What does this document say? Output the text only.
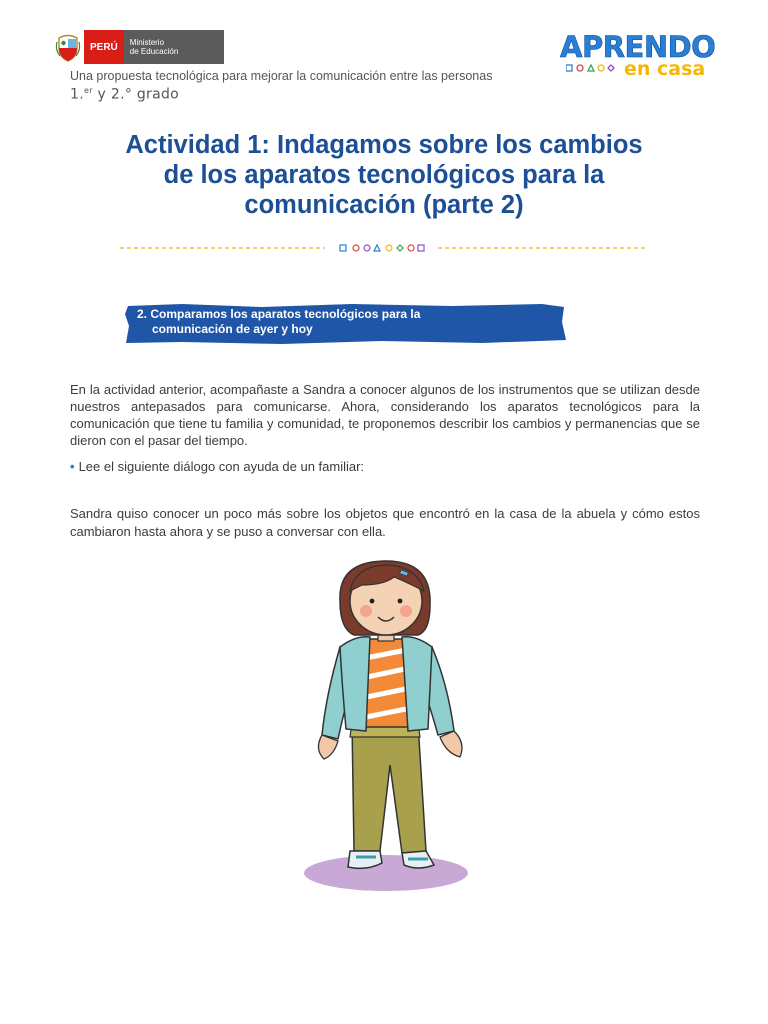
PERÚ	Ministerio
de Educación
Una propuesta tecnológica para mejorar la comunicación entre las personas
1.$^{er}$ y 2.° grado
APRENDO
en casa
Actividad 1: Indagamos sobre los cambios
de los aparatos tecnológicos para la
comunicación (parte 2)
2. Comparamos los aparatos tecnológicos para la
comunicación de ayer y hoy
En la actividad anterior, acompañaste a Sandra a conocer algunos de los instrumentos que se utilizan desde nuestros antepasados para comunicarse. Ahora, considerando los aparatos tecnológicos para la comunicación que tiene tu familia y comunidad, te proponemos describir los cambios y permanencias que se dieron con el pasar del tiempo.
• Lee el siguiente diálogo con ayuda de un familiar:
Sandra quiso conocer un poco más sobre los objetos que encontró en la casa de la abuela y cómo estos cambiaron hasta ahora y se puso a conversar con ella.
